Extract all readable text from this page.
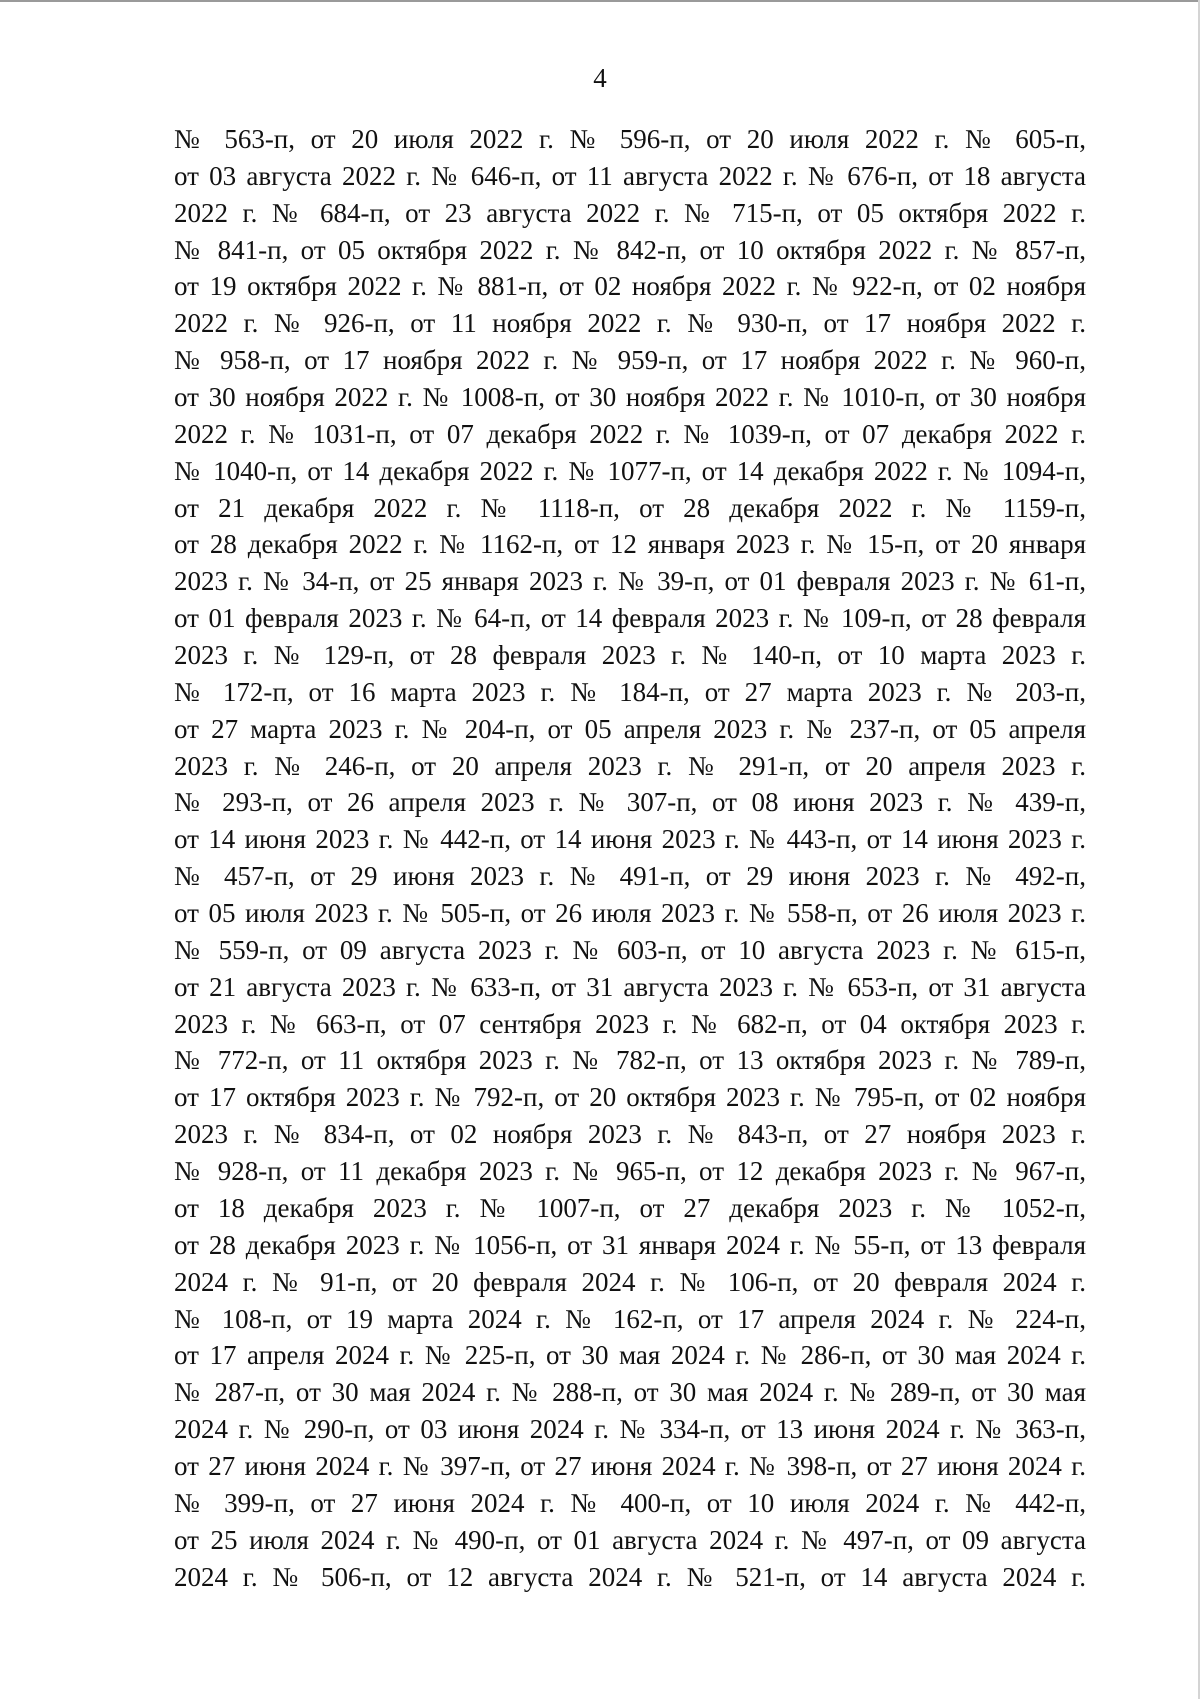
4
№ 563-п, от 20 июля 2022 г. № 596-п, от 20 июля 2022 г. № 605-п,
от 03 августа 2022 г. № 646-п, от 11 августа 2022 г. № 676-п, от 18 августа
2022 г. № 684-п, от 23 августа 2022 г. № 715-п, от 05 октября 2022 г.
№ 841-п, от 05 октября 2022 г. № 842-п, от 10 октября 2022 г. № 857-п,
от 19 октября 2022 г. № 881-п, от 02 ноября 2022 г. № 922-п, от 02 ноября
2022 г. № 926-п, от 11 ноября 2022 г. № 930-п, от 17 ноября 2022 г.
№ 958-п, от 17 ноября 2022 г. № 959-п, от 17 ноября 2022 г. № 960-п,
от 30 ноября 2022 г. № 1008-п, от 30 ноября 2022 г. № 1010-п, от 30 ноября
2022 г. № 1031-п, от 07 декабря 2022 г. № 1039-п, от 07 декабря 2022 г.
№ 1040-п, от 14 декабря 2022 г. № 1077-п, от 14 декабря 2022 г. № 1094-п,
от 21 декабря 2022 г. № 1118-п, от 28 декабря 2022 г. № 1159-п,
от 28 декабря 2022 г. № 1162-п, от 12 января 2023 г. № 15-п, от 20 января
2023 г. № 34-п, от 25 января 2023 г. № 39-п, от 01 февраля 2023 г. № 61-п,
от 01 февраля 2023 г. № 64-п, от 14 февраля 2023 г. № 109-п, от 28 февраля
2023 г. № 129-п, от 28 февраля 2023 г. № 140-п, от 10 марта 2023 г.
№ 172-п, от 16 марта 2023 г. № 184-п, от 27 марта 2023 г. № 203-п,
от 27 марта 2023 г. № 204-п, от 05 апреля 2023 г. № 237-п, от 05 апреля
2023 г. № 246-п, от 20 апреля 2023 г. № 291-п, от 20 апреля 2023 г.
№ 293-п, от 26 апреля 2023 г. № 307-п, от 08 июня 2023 г. № 439-п,
от 14 июня 2023 г. № 442-п, от 14 июня 2023 г. № 443-п, от 14 июня 2023 г.
№ 457-п, от 29 июня 2023 г. № 491-п, от 29 июня 2023 г. № 492-п,
от 05 июля 2023 г. № 505-п, от 26 июля 2023 г. № 558-п, от 26 июля 2023 г.
№ 559-п, от 09 августа 2023 г. № 603-п, от 10 августа 2023 г. № 615-п,
от 21 августа 2023 г. № 633-п, от 31 августа 2023 г. № 653-п, от 31 августа
2023 г. № 663-п, от 07 сентября 2023 г. № 682-п, от 04 октября 2023 г.
№ 772-п, от 11 октября 2023 г. № 782-п, от 13 октября 2023 г. № 789-п,
от 17 октября 2023 г. № 792-п, от 20 октября 2023 г. № 795-п, от 02 ноября
2023 г. № 834-п, от 02 ноября 2023 г. № 843-п, от 27 ноября 2023 г.
№ 928-п, от 11 декабря 2023 г. № 965-п, от 12 декабря 2023 г. № 967-п,
от 18 декабря 2023 г. № 1007-п, от 27 декабря 2023 г. № 1052-п,
от 28 декабря 2023 г. № 1056-п, от 31 января 2024 г. № 55-п, от 13 февраля
2024 г. № 91-п, от 20 февраля 2024 г. № 106-п, от 20 февраля 2024 г.
№ 108-п, от 19 марта 2024 г. № 162-п, от 17 апреля 2024 г. № 224-п,
от 17 апреля 2024 г. № 225-п, от 30 мая 2024 г. № 286-п, от 30 мая 2024 г.
№ 287-п, от 30 мая 2024 г. № 288-п, от 30 мая 2024 г. № 289-п, от 30 мая
2024 г. № 290-п, от 03 июня 2024 г. № 334-п, от 13 июня 2024 г. № 363-п,
от 27 июня 2024 г. № 397-п, от 27 июня 2024 г. № 398-п, от 27 июня 2024 г.
№ 399-п, от 27 июня 2024 г. № 400-п, от 10 июля 2024 г. № 442-п,
от 25 июля 2024 г. № 490-п, от 01 августа 2024 г. № 497-п, от 09 августа
2024 г. № 506-п, от 12 августа 2024 г. № 521-п, от 14 августа 2024 г.
